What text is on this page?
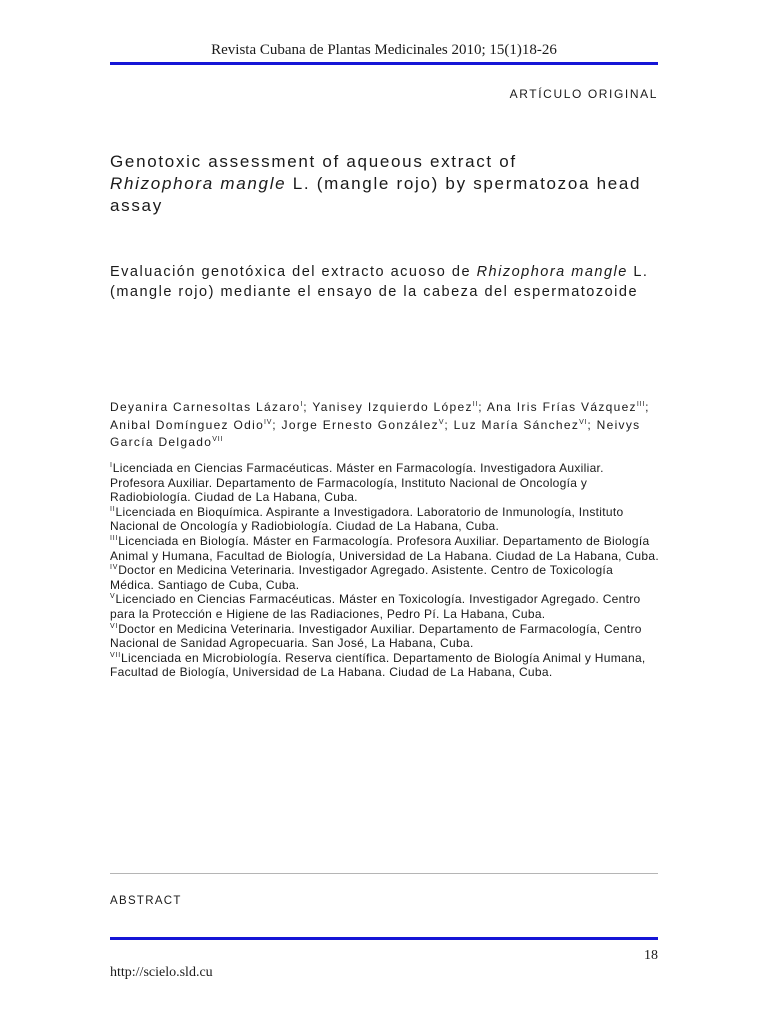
Revista Cubana de Plantas Medicinales 2010; 15(1)18-26
ARTÍCULO ORIGINAL
Genotoxic assessment of aqueous extract of
Rhizophora mangle L. (mangle rojo) by spermatozoa head assay
Evaluación genotóxica del extracto acuoso de Rhizophora mangle L. (mangle rojo) mediante el ensayo de la cabeza del espermatozoide
Deyanira Carnesoltas Lázaro$^I$; Yanisey Izquierdo López$^{II}$; Ana Iris Frías Vázquez$^{III}$; Anibal Domínguez Odio$^{IV}$; Jorge Ernesto González$^V$; Luz María Sánchez$^{VI}$; Neivys García Delgado$^{VII}$
$^I$Licenciada en Ciencias Farmacéuticas. Máster en Farmacología. Investigadora Auxiliar. Profesora Auxiliar. Departamento de Farmacología, Instituto Nacional de Oncología y Radiobiología. Ciudad de La Habana, Cuba.
$^{II}$Licenciada en Bioquímica. Aspirante a Investigadora. Laboratorio de Inmunología, Instituto Nacional de Oncología y Radiobiología. Ciudad de La Habana, Cuba.
$^{III}$Licenciada en Biología. Máster en Farmacología. Profesora Auxiliar. Departamento de Biología Animal y Humana, Facultad de Biología, Universidad de La Habana. Ciudad de La Habana, Cuba.
$^{IV}$Doctor en Medicina Veterinaria. Investigador Agregado. Asistente. Centro de Toxicología Médica. Santiago de Cuba, Cuba.
$^V$Licenciado en Ciencias Farmacéuticas. Máster en Toxicología. Investigador Agregado. Centro para la Protección e Higiene de las Radiaciones, Pedro Pí. La Habana, Cuba.
$^{VI}$Doctor en Medicina Veterinaria. Investigador Auxiliar. Departamento de Farmacología, Centro Nacional de Sanidad Agropecuaria. San José, La Habana, Cuba.
$^{VII}$Licenciada en Microbiología. Reserva científica. Departamento de Biología Animal y Humana, Facultad de Biología, Universidad de La Habana. Ciudad de La Habana, Cuba.
ABSTRACT
18
http://scielo.sld.cu
